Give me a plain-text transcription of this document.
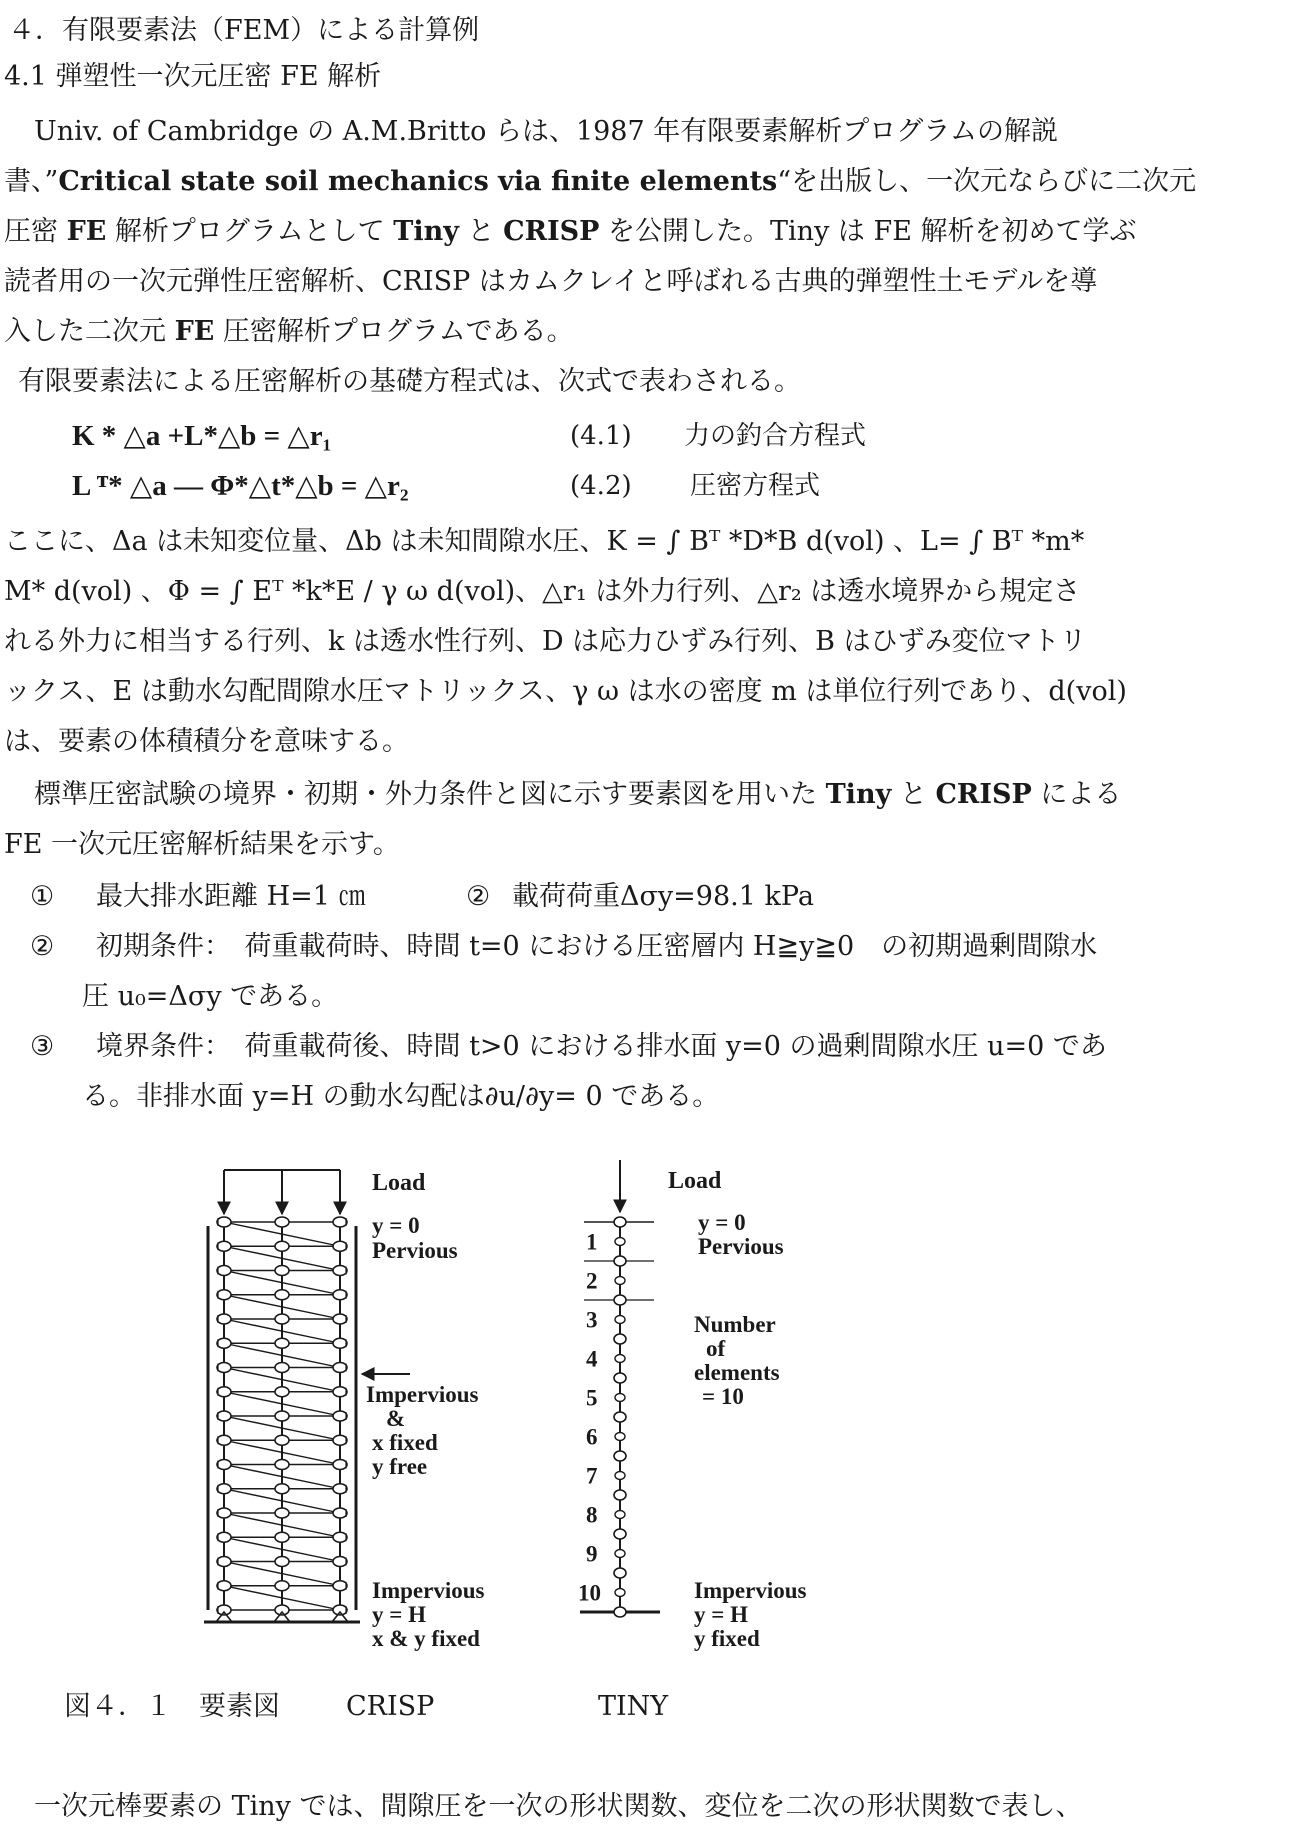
４．有限要素法（FEM）による計算例
4.1 弾塑性一次元圧密 FE 解析
Univ. of Cambridge の A.M.Britto らは、1987 年有限要素解析プログラムの解説
書、”Critical state soil mechanics via finite elements“を出版し、一次元ならびに二次元
圧密 FE 解析プログラムとして Tiny と CRISP を公開した。Tiny は FE 解析を初めて学ぶ
読者用の一次元弾性圧密解析、CRISP はカムクレイと呼ばれる古典的弾塑性土モデルを導
入した二次元 FE 圧密解析プログラムである。
有限要素法による圧密解析の基礎方程式は、次式で表わされる。
K * △a +L*△b = △r₁	(4.1) 力の釣合方程式
L ᵀ* △a — Φ*△t*△b = △r₂	(4.2) 圧密方程式
ここに、Δa は未知変位量、Δb は未知間隙水圧、K = ∫ Bᵀ *D*B d(vol) 、L= ∫ Bᵀ *m*
M* d(vol) 、Φ = ∫ Eᵀ *k*E / γ ω d(vol)、△r₁ は外力行列、△r₂ は透水境界から規定さ
れる外力に相当する行列、k は透水性行列、D は応力ひずみ行列、B はひずみ変位マトリ
ックス、E は動水勾配間隙水圧マトリックス、γ ω は水の密度 m は単位行列であり、d(vol)
は、要素の体積積分を意味する。
標準圧密試験の境界・初期・外力条件と図に示す要素図を用いた Tiny と CRISP による
FE 一次元圧密解析結果を示す。
① 最大排水距離 H=1 ㎝	② 載荷荷重Δσy=98.1 kPa
② 初期条件：　荷重載荷時、時間 t=0 における圧密層内 H≧y≧0　の初期過剰間隙水
圧 u₀=Δσy である。
③ 境界条件：　荷重載荷後、時間 t>0 における排水面 y=0 の過剰間隙水圧 u=0 であ
る。非排水面 y=H の動水勾配は∂u/∂y= 0 である。
1
2
3
4
5
6
7
8
9
10
Load
y = 0
Pervious
Impervious
&
x fixed
y free
Impervious
y = H
x & y fixed
Load
y = 0
Pervious
Number
of
elements
= 10
Impervious
y = H
y fixed
図４．１　要素図 CRISP	TINY
一次元棒要素の Tiny では、間隙圧を一次の形状関数、変位を二次の形状関数で表し、
